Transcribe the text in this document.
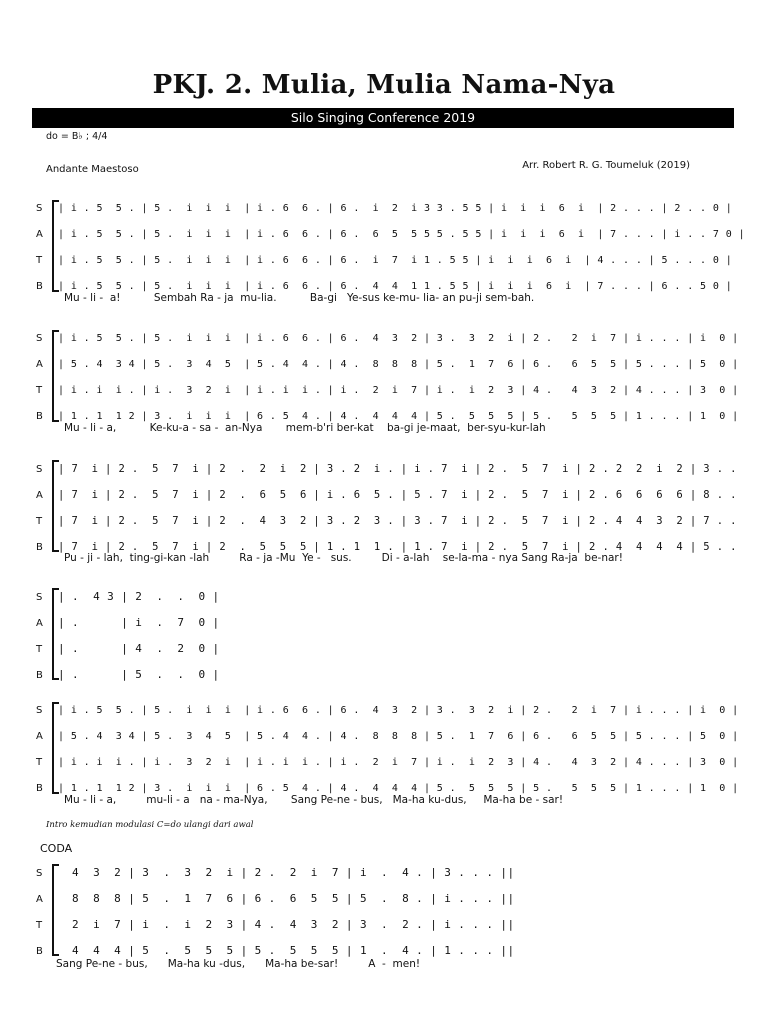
PKJ. 2. Mulia, Mulia Nama-Nya
Silo Singing Conference 2019
do = B♭ ; 4/4
Andante Maestoso	Arr. Robert R. G. Toumeluk (2019)
S | i . 5  5 . | 5 .  i  i  i  | i . 6  6 . | 6 .  i  2  i 3 3 . 5 5 | i  i  i  6  i  | 2 . . . | 2 . . 0 |
A | i . 5  5 . | 5 .  i  i  i  | i . 6  6 . | 6 .  6  5  5 5 5 . 5 5 | i  i  i  6  i  | 7 . . . | i . . 7 0 |
T | i . 5  5 . | 5 .  i  i  i  | i . 6  6 . | 6 .  i  7  i 1 . 5 5 | i  i  i  6  i  | 4 . . . | 5 . . . 0 |
B | i . 5  5 . | 5 .  i  i  i  | i . 6  6 . | 6 .  4  4  1 1 . 5 5 | i  i  i  6  i  | 7 . . . | 6 . . 5 0 |
Mu - li -  a!          Sembah Ra - ja  mu-lia.          Ba-gi   Ye-sus ke-mu- lia- an pu-ji sem-bah.
S | i . 5  5 . | 5 .  i  i  i  | i . 6  6 . | 6 .  4  3  2 | 3 .  3  2  i | 2 .   2  i  7 | i . . . | i  0 |
A | 5 . 4  3 4 | 5 .  3  4  5  | 5 . 4  4 . | 4 .  8  8  8 | 5 .  1  7  6 | 6 .   6  5  5 | 5 . . . | 5  0 |
T | i . i  i . | i .  3  2  i  | i . i  i . | i .  2  i  7 | i .  i  2  3 | 4 .   4  3  2 | 4 . . . | 3  0 |
B | 1 . 1  1 2 | 3 .  i  i  i  | 6 . 5  4 . | 4 .  4  4  4 | 5 .  5  5  5 | 5 .   5  5  5 | 1 . . . | 1  0 |
Mu - li - a,          Ke-ku-a - sa -  an-Nya       mem-b'ri ber-kat    ba-gi je-maat,  ber-syu-kur-lah
S | 7  i | 2 .  5  7  i | 2  .  2  i  2 | 3 . 2  i . | i . 7  i | 2 .  5  7  i | 2 . 2  2  i  2 | 3 . .
A | 7  i | 2 .  5  7  i | 2  .  6  5  6 | i . 6  5 . | 5 . 7  i | 2 .  5  7  i | 2 . 6  6  6  6 | 8 . .
T | 7  i | 2 .  5  7  i | 2  .  4  3  2 | 3 . 2  3 . | 3 . 7  i | 2 .  5  7  i | 2 . 4  4  3  2 | 7 . .
B | 7  i | 2 .  5  7  i | 2  .  5  5  5 | 1 . 1  1 . | 1 . 7  i | 2 .  5  7  i | 2 . 4  4  4  4 | 5 . .
Pu - ji - lah,  ting-gi-kan -lah         Ra - ja -Mu  Ye -   sus.         Di - a-lah    se-la-ma - nya Sang Ra-ja  be-nar!
S | .  4 3 | 2  .  .  0 |
A | .      | i  .  7  0 |
T | .      | 4  .  2  0 |
B | .      | 5  .  .  0 |
S | i . 5  5 . | 5 .  i  i  i  | i . 6  6 . | 6 .  4  3  2 | 3 .  3  2  i | 2 .   2  i  7 | i . . . | i  0 |
A | 5 . 4  3 4 | 5 .  3  4  5  | 5 . 4  4 . | 4 .  8  8  8 | 5 .  1  7  6 | 6 .   6  5  5 | 5 . . . | 5  0 |
T | i . i  i . | i .  3  2  i  | i . i  i . | i .  2  i  7 | i .  i  2  3 | 4 .   4  3  2 | 4 . . . | 3  0 |
B | 1 . 1  1 2 | 3 .  i  i  i  | 6 . 5  4 . | 4 .  4  4  4 | 5 .  5  5  5 | 5 .   5  5  5 | 1 . . . | 1  0 |
Mu - li - a,         mu-li - a   na - ma-Nya,       Sang Pe-ne - bus,   Ma-ha ku-dus,     Ma-ha be - sar!
Intro kemudian modulasi C=do ulangi dari awal
CODA
S  4  3  2 | 3  .  3  2  i | 2 .  2  i  7 | i  .  4 . | 3 . . . ||
A  8  8  8 | 5  .  1  7  6 | 6 .  6  5  5 | 5  .  8 . | i . . . ||
T  2  i  7 | i  .  i  2  3 | 4 .  4  3  2 | 3  .  2 . | i . . . ||
B  4  4  4 | 5  .  5  5  5 | 5 .  5  5  5 | 1  .  4 . | 1 . . . ||
Sang Pe-ne - bus,      Ma-ha ku -dus,      Ma-ha be-sar!         A  -  men!
